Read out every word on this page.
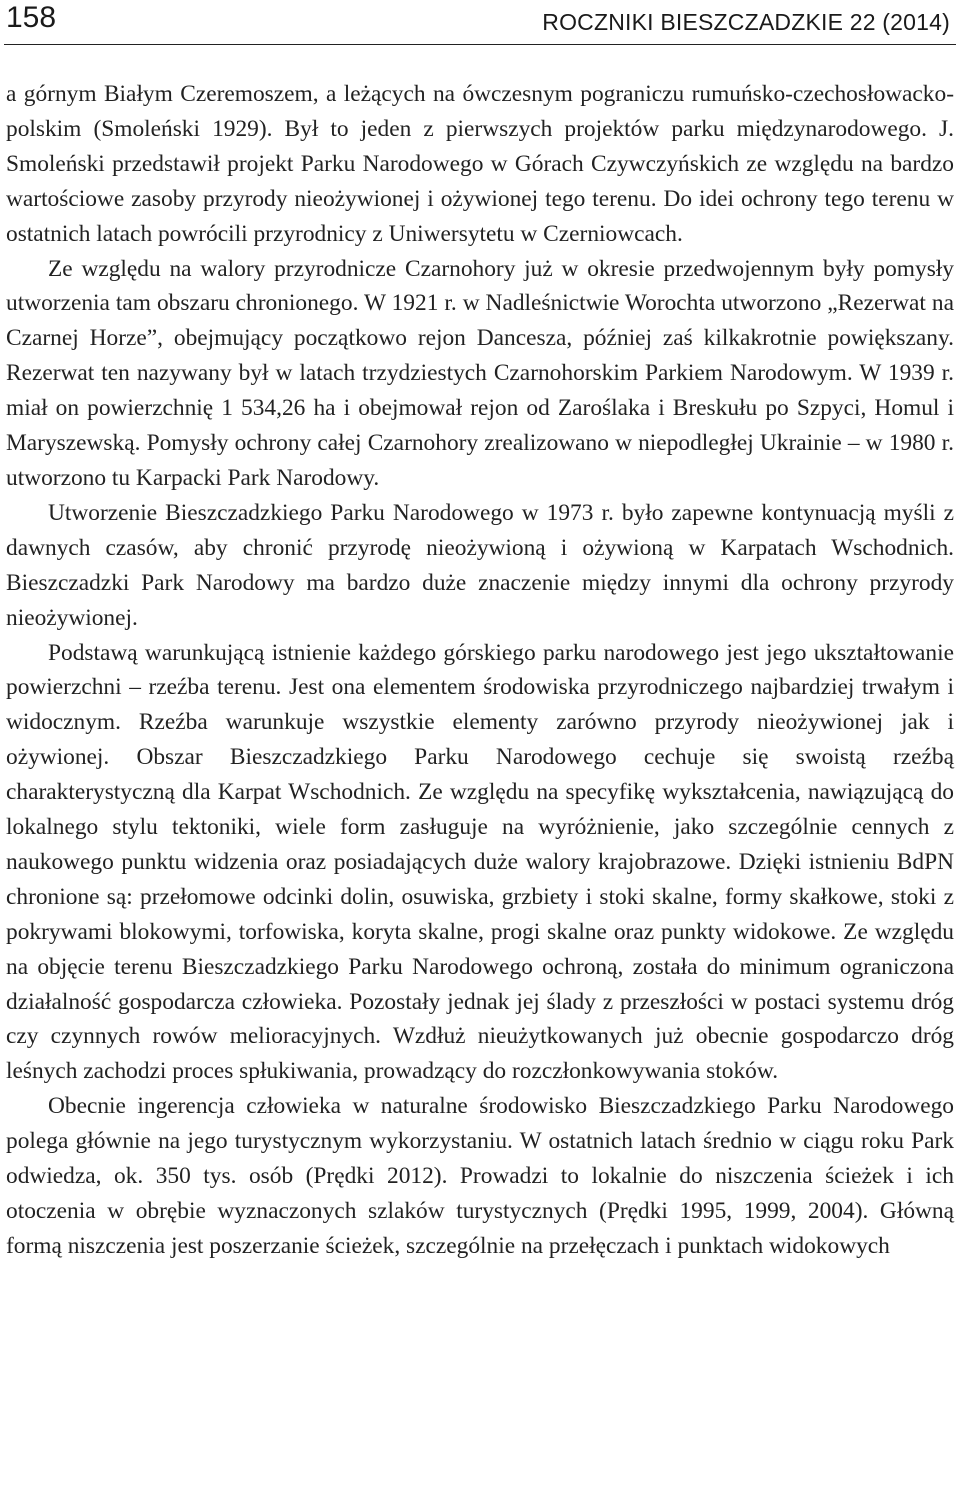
158	ROCZNIKI BIESZCZADZKIE 22 (2014)

a górnym Białym Czeremoszem, a leżących na ówczesnym pograniczu rumuńsko-czechosłowacko-polskim (Smoleński 1929). Był to jeden z pierwszych projektów parku międzynarodowego. J. Smoleński przedstawił projekt Parku Narodowego w Górach Czywczyńskich ze względu na bardzo wartościowe zasoby przyrody nieożywionej i ożywionej tego terenu. Do idei ochrony tego terenu w ostatnich latach powrócili przyrodnicy z Uniwersytetu w Czerniowcach.

Ze względu na walory przyrodnicze Czarnohory już w okresie przedwojennym były pomysły utworzenia tam obszaru chronionego. W 1921 r. w Nadleśnictwie Worochta utworzono „Rezerwat na Czarnej Horze”, obejmujący początkowo rejon Dancesza, później zaś kilkakrotnie powiększany. Rezerwat ten nazywany był w latach trzydziestych Czarnohorskim Parkiem Narodowym. W 1939 r. miał on powierzchnię 1 534,26 ha i obejmował rejon od Zaroślaka i Breskułu po Szpyci, Homul i Maryszewską. Pomysły ochrony całej Czarnohory zrealizowano w niepodległej Ukrainie – w 1980 r. utworzono tu Karpacki Park Narodowy.

Utworzenie Bieszczadzkiego Parku Narodowego w 1973 r. było zapewne kontynuacją myśli z dawnych czasów, aby chronić przyrodę nieożywioną i ożywioną w Karpatach Wschodnich. Bieszczadzki Park Narodowy ma bardzo duże znaczenie między innymi dla ochrony przyrody nieożywionej.

Podstawą warunkującą istnienie każdego górskiego parku narodowego jest jego ukształtowanie powierzchni – rzeźba terenu. Jest ona elementem środowiska przyrodniczego najbardziej trwałym i widocznym. Rzeźba warunkuje wszystkie elementy zarówno przyrody nieożywionej jak i ożywionej. Obszar Bieszczadzkiego Parku Narodowego cechuje się swoistą rzeźbą charakterystyczną dla Karpat Wschodnich. Ze względu na specyfikę wykształcenia, nawiązującą do lokalnego stylu tektoniki, wiele form zasługuje na wyróżnienie, jako szczególnie cennych z naukowego punktu widzenia oraz posiadających duże walory krajobrazowe. Dzięki istnieniu BdPN chronione są: przełomowe odcinki dolin, osuwiska, grzbiety i stoki skalne, formy skałkowe, stoki z pokrywami blokowymi, torfowiska, koryta skalne, progi skalne oraz punkty widokowe. Ze względu na objęcie terenu Bieszczadzkiego Parku Narodowego ochroną, została do minimum ograniczona działalność gospodarcza człowieka. Pozostały jednak jej ślady z przeszłości w postaci systemu dróg czy czynnych rowów melioracyjnych. Wzdłuż nieużytkowanych już obecnie gospodarczo dróg leśnych zachodzi proces spłukiwania, prowadzący do rozczłonkowywania stoków.

Obecnie ingerencja człowieka w naturalne środowisko Bieszczadzkiego Parku Narodowego polega głównie na jego turystycznym wykorzystaniu. W ostatnich latach średnio w ciągu roku Park odwiedza, ok. 350 tys. osób (Prędki 2012). Prowadzi to lokalnie do niszczenia ścieżek i ich otoczenia w obrębie wyznaczonych szlaków turystycznych (Prędki 1995, 1999, 2004). Główną formą niszczenia jest poszerzanie ścieżek, szczególnie na przełęczach i punktach widokowych
